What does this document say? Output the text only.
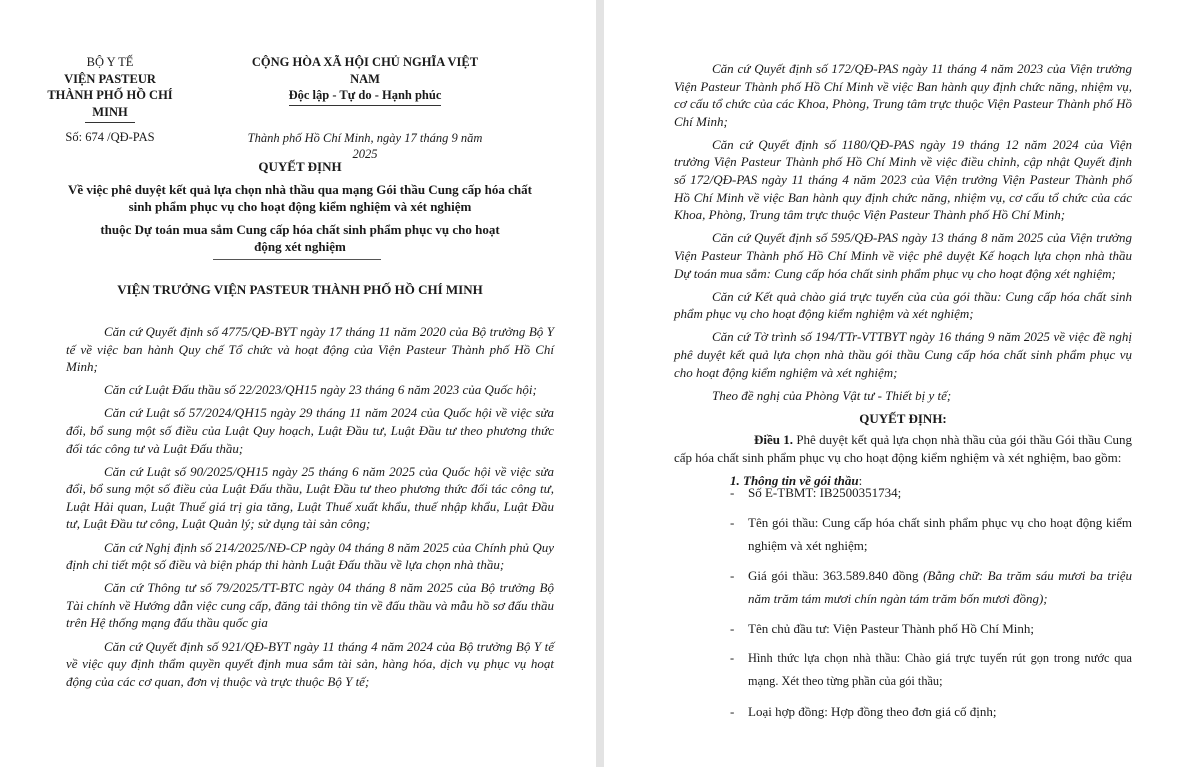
BỘ Y TẾ
VIỆN PASTEUR
THÀNH PHỐ HỒ CHÍ MINH
Số: 674 /QĐ-PAS
CỘNG HÒA XÃ HỘI CHỦ NGHĨA VIỆT NAM
Độc lập - Tự do - Hạnh phúc
Thành phố Hồ Chí Minh, ngày 17 tháng 9 năm 2025
QUYẾT ĐỊNH
Về việc phê duyệt kết quả lựa chọn nhà thầu qua mạng Gói thầu Cung cấp hóa chất sinh phẩm phục vụ cho hoạt động kiểm nghiệm và xét nghiệm
thuộc Dự toán mua sắm Cung cấp hóa chất sinh phẩm phục vụ cho hoạt động xét nghiệm
VIỆN TRƯỞNG VIỆN PASTEUR THÀNH PHỐ HỒ CHÍ MINH

Căn cứ Quyết định số 4775/QĐ-BYT ngày 17 tháng 11 năm 2020 của Bộ trưởng Bộ Y tế về việc ban hành Quy chế Tổ chức và hoạt động của Viện Pasteur Thành phố Hồ Chí Minh;

Căn cứ Luật Đấu thầu số 22/2023/QH15 ngày 23 tháng 6 năm 2023 của Quốc hội;

Căn cứ Luật số 57/2024/QH15 ngày 29 tháng 11 năm 2024 của Quốc hội về việc sửa đổi, bổ sung một số điều của Luật Quy hoạch, Luật Đầu tư, Luật Đầu tư theo phương thức đối tác công tư và Luật Đấu thầu;

Căn cứ Luật số 90/2025/QH15 ngày 25 tháng 6 năm 2025 của Quốc hội về việc sửa đổi, bổ sung một số điều của Luật Đấu thầu, Luật Đầu tư theo phương thức đối tác công tư, Luật Hải quan, Luật Thuế giá trị gia tăng, Luật Thuế xuất khẩu, thuế nhập khẩu, Luật Đầu tư, Luật Đầu tư công, Luật Quản lý; sử dụng tài sản công;

Căn cứ Nghị định số 214/2025/NĐ-CP ngày 04 tháng 8 năm 2025 của Chính phủ Quy định chi tiết một số điều và biện pháp thi hành Luật Đấu thầu về lựa chọn nhà thầu;

Căn cứ Thông tư số 79/2025/TT-BTC ngày 04 tháng 8 năm 2025 của Bộ trưởng Bộ Tài chính về Hướng dẫn việc cung cấp, đăng tải thông tin về đấu thầu và mẫu hồ sơ đấu thầu trên Hệ thống mạng đấu thầu quốc gia

Căn cứ Quyết định số 921/QĐ-BYT ngày 11 tháng 4 năm 2024 của Bộ trưởng Bộ Y tế về việc quy định thẩm quyền quyết định mua sắm tài sản, hàng hóa, dịch vụ phục vụ hoạt động của các cơ quan, đơn vị thuộc và trực thuộc Bộ Y tế;

Căn cứ Quyết định số 172/QĐ-PAS ngày 11 tháng 4 năm 2023 của Viện trưởng Viện Pasteur Thành phố Hồ Chí Minh về việc Ban hành quy định chức năng, nhiệm vụ, cơ cấu tổ chức của các Khoa, Phòng, Trung tâm trực thuộc Viện Pasteur Thành phố Hồ Chí Minh;

Căn cứ Quyết định số 1180/QĐ-PAS ngày 19 tháng 12 năm 2024 của Viện trưởng Viện Pasteur Thành phố Hồ Chí Minh về việc điều chỉnh, cập nhật Quyết định số 172/QĐ-PAS ngày 11 tháng 4 năm 2023 của Viện trưởng Viện Pasteur Thành phố Hồ Chí Minh về việc Ban hành quy định chức năng, nhiệm vụ, cơ cấu tổ chức của các Khoa, Phòng, Trung tâm trực thuộc Viện Pasteur Thành phố Hồ Chí Minh;

Căn cứ Quyết định số 595/QĐ-PAS ngày 13 tháng 8 năm 2025 của Viện trưởng Viện Pasteur Thành phố Hồ Chí Minh về việc phê duyệt Kế hoạch lựa chọn nhà thầu Dự toán mua sắm: Cung cấp hóa chất sinh phẩm phục vụ cho hoạt động xét nghiệm;

Căn cứ Kết quả chào giá trực tuyến của của gói thầu: Cung cấp hóa chất sinh phẩm phục vụ cho hoạt động kiểm nghiệm và xét nghiệm;

Căn cứ Tờ trình số 194/TTr-VTTBYT ngày 16 tháng 9 năm 2025 về việc đề nghị phê duyệt kết quả lựa chọn nhà thầu gói thầu Cung cấp hóa chất sinh phẩm phục vụ cho hoạt động kiểm nghiệm và xét nghiệm;

Theo đề nghị của Phòng Vật tư - Thiết bị y tế;

QUYẾT ĐỊNH:
Điều 1. Phê duyệt kết quả lựa chọn nhà thầu của gói thầu Gói thầu Cung cấp hóa chất sinh phẩm phục vụ cho hoạt động kiểm nghiệm và xét nghiệm, bao gồm:
1. Thông tin về gói thầu:
- Số E-TBMT: IB2500351734;
- Tên gói thầu: Cung cấp hóa chất sinh phẩm phục vụ cho hoạt động kiểm nghiệm và xét nghiệm;
- Giá gói thầu: 363.589.840 đồng (Bằng chữ: Ba trăm sáu mươi ba triệu năm trăm tám mươi chín ngàn tám trăm bốn mươi đồng);
- Tên chủ đầu tư: Viện Pasteur Thành phố Hồ Chí Minh;
- Hình thức lựa chọn nhà thầu: Chào giá trực tuyến rút gọn trong nước qua mạng. Xét theo từng phần của gói thầu;
- Loại hợp đồng: Hợp đồng theo đơn giá cố định;
